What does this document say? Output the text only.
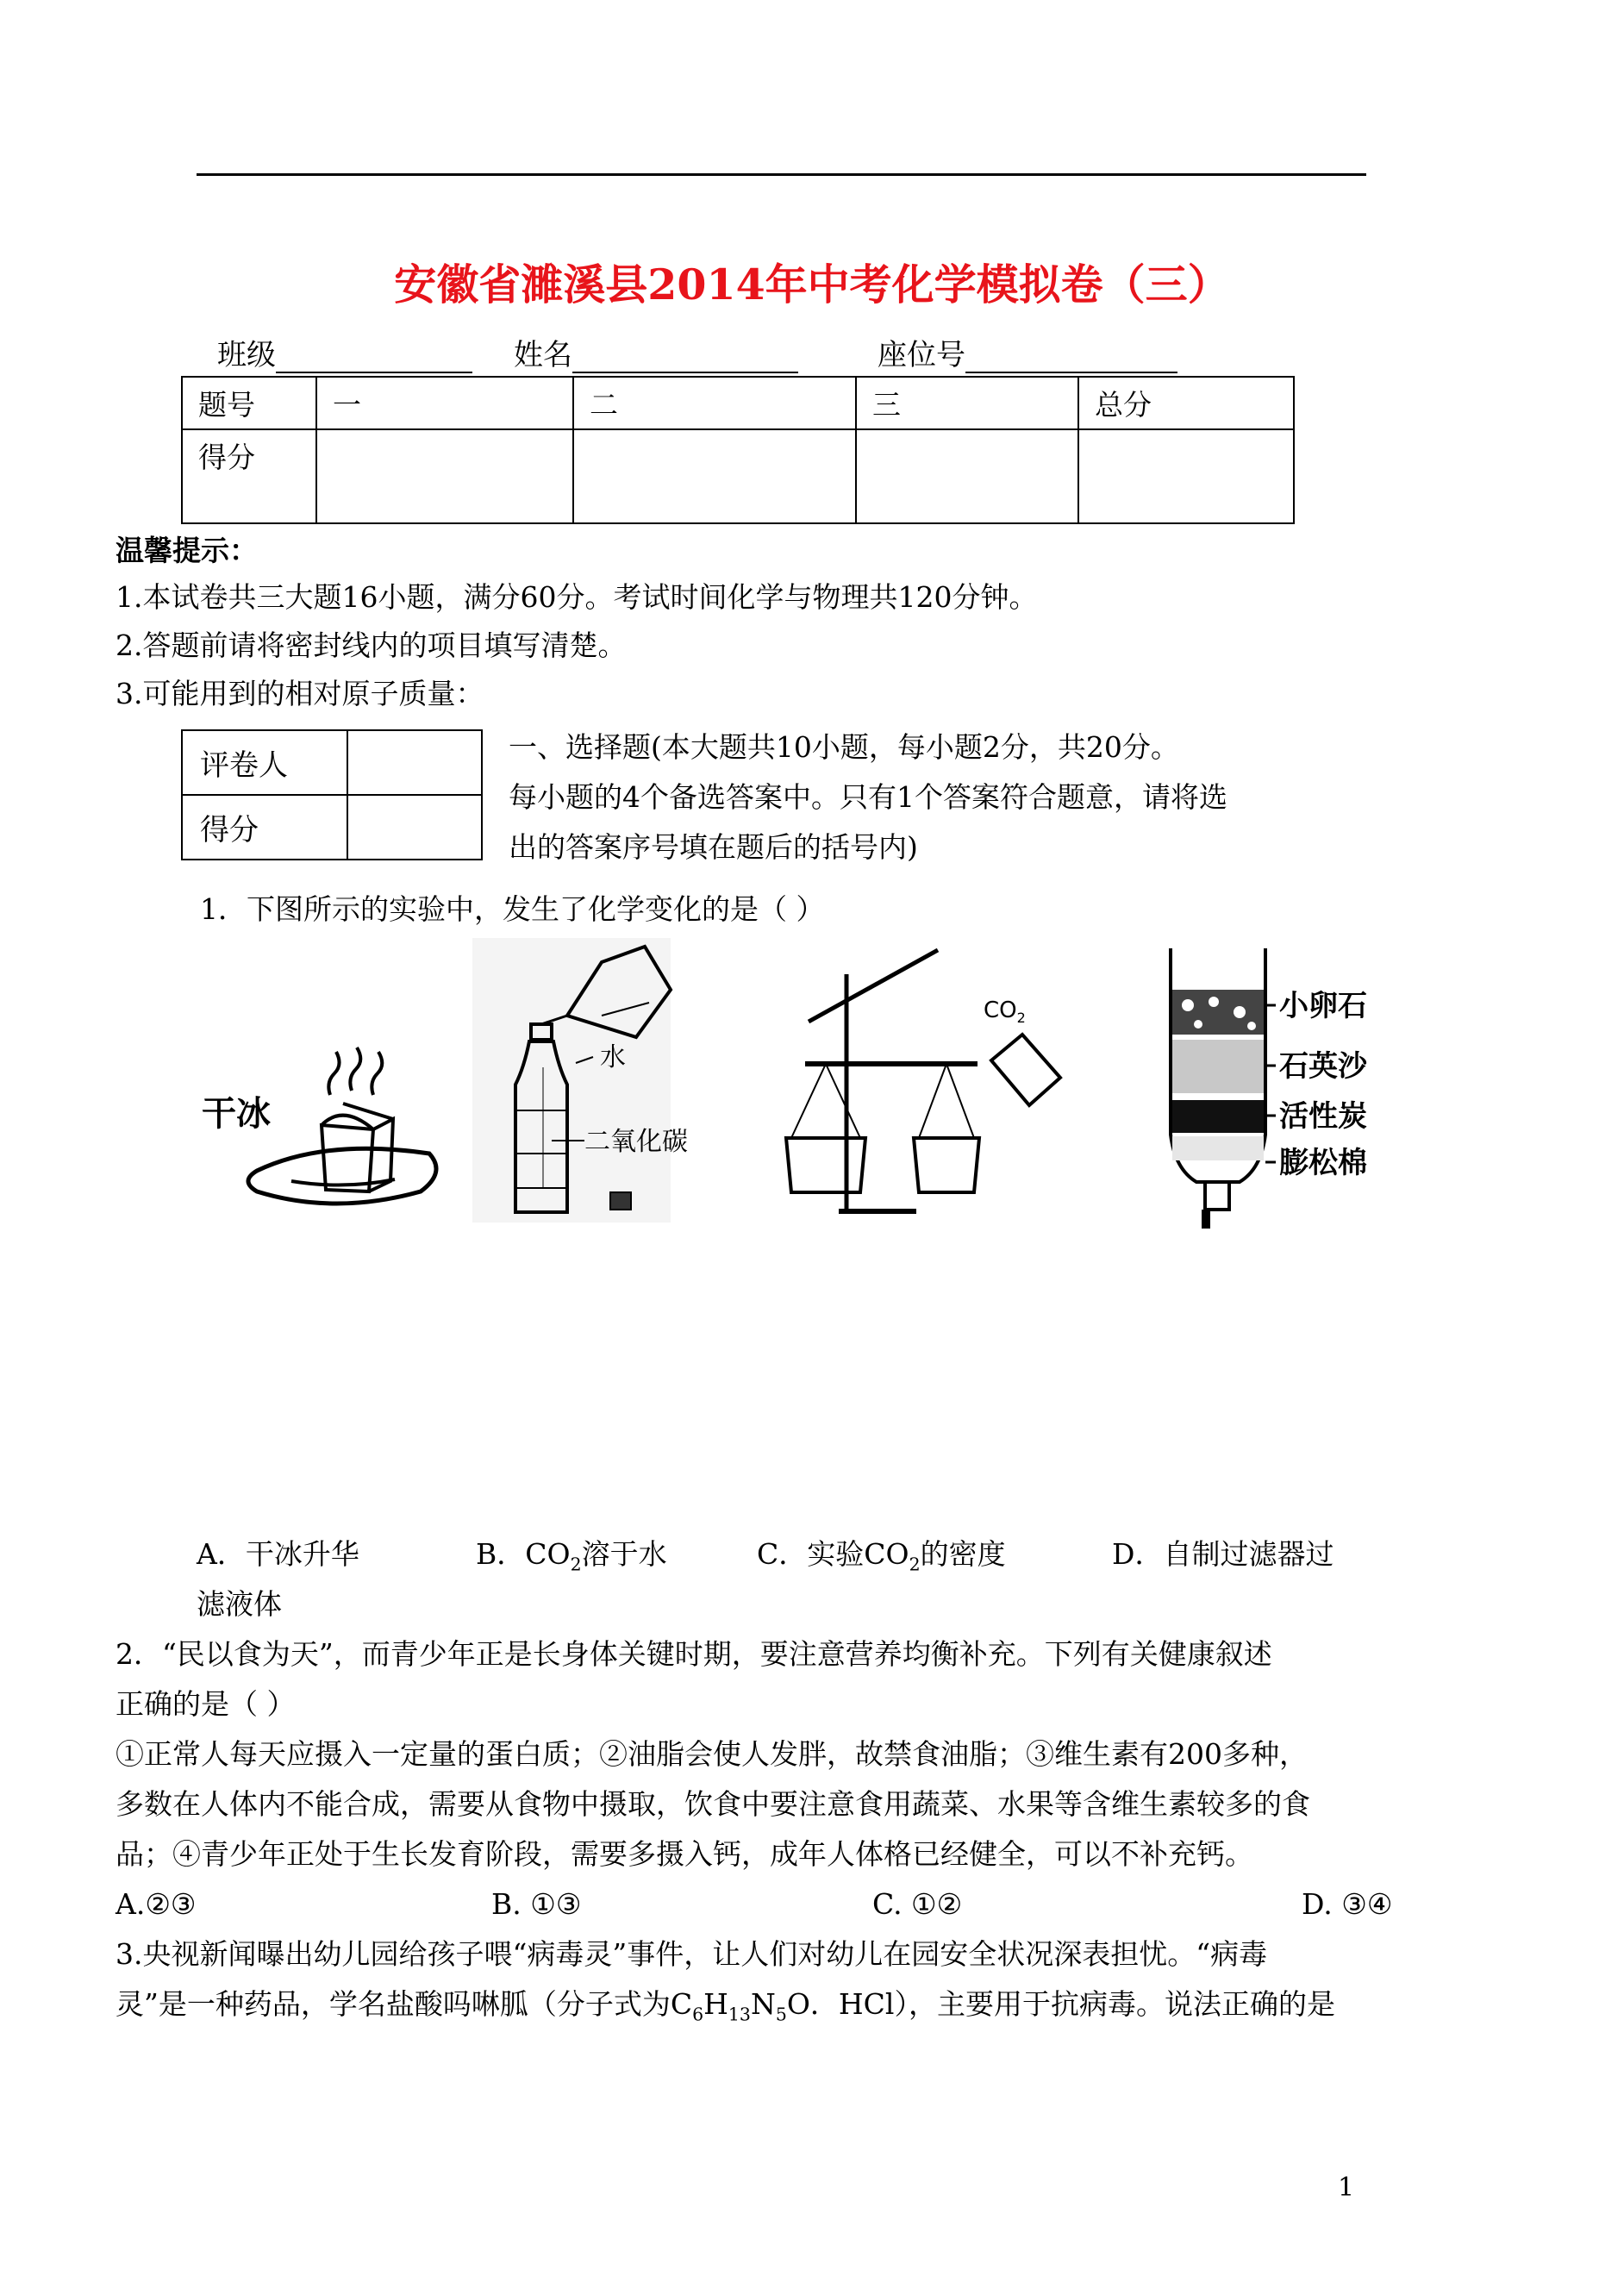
安徽省濉溪县2014年中考化学模拟卷（三）
班级	姓名	座位号
题号	一	二	三	总分
得分				
温馨提示：
1.本试卷共三大题16小题，满分60分。考试时间化学与物理共120分钟。
2.答题前请将密封线内的项目填写清楚。
3.可能用到的相对原子质量：
评卷人	
得分	
一、选择题(本大题共10小题，每小题2分，共20分。
每小题的4个备选答案中。只有1个答案符合题意，请将选
出的答案序号填在题后的括号内)
1．下图所示的实验中，发生了化学变化的是（ ）
干冰
水
二氧化碳
$CO_2$	小卵石
石英沙
活性炭
膨松棉
A．干冰升华	B．$CO_2$溶于水	C．实验$CO_2$的密度	D．自制过滤器过
滤液体
2．“民以食为天”，而青少年正是长身体关键时期，要注意营养均衡补充。下列有关健康叙述
正确的是（ ）
①正常人每天应摄入一定量的蛋白质；②油脂会使人发胖，故禁食油脂；③维生素有200多种，
多数在人体内不能合成，需要从食物中摄取，饮食中要注意食用蔬菜、水果等含维生素较多的食
品；④青少年正处于生长发育阶段，需要多摄入钙，成年人体格已经健全，可以不补充钙。
A.②③	B. ①③	C. ①②	D. ③④
3.央视新闻曝出幼儿园给孩子喂“病毒灵”事件，让人们对幼儿在园安全状况深表担忧。“病毒
灵”是一种药品，学名盐酸吗啉胍（分子式为$C_6H_{13}N_5O$．HCl），主要用于抗病毒。说法正确的是
1
